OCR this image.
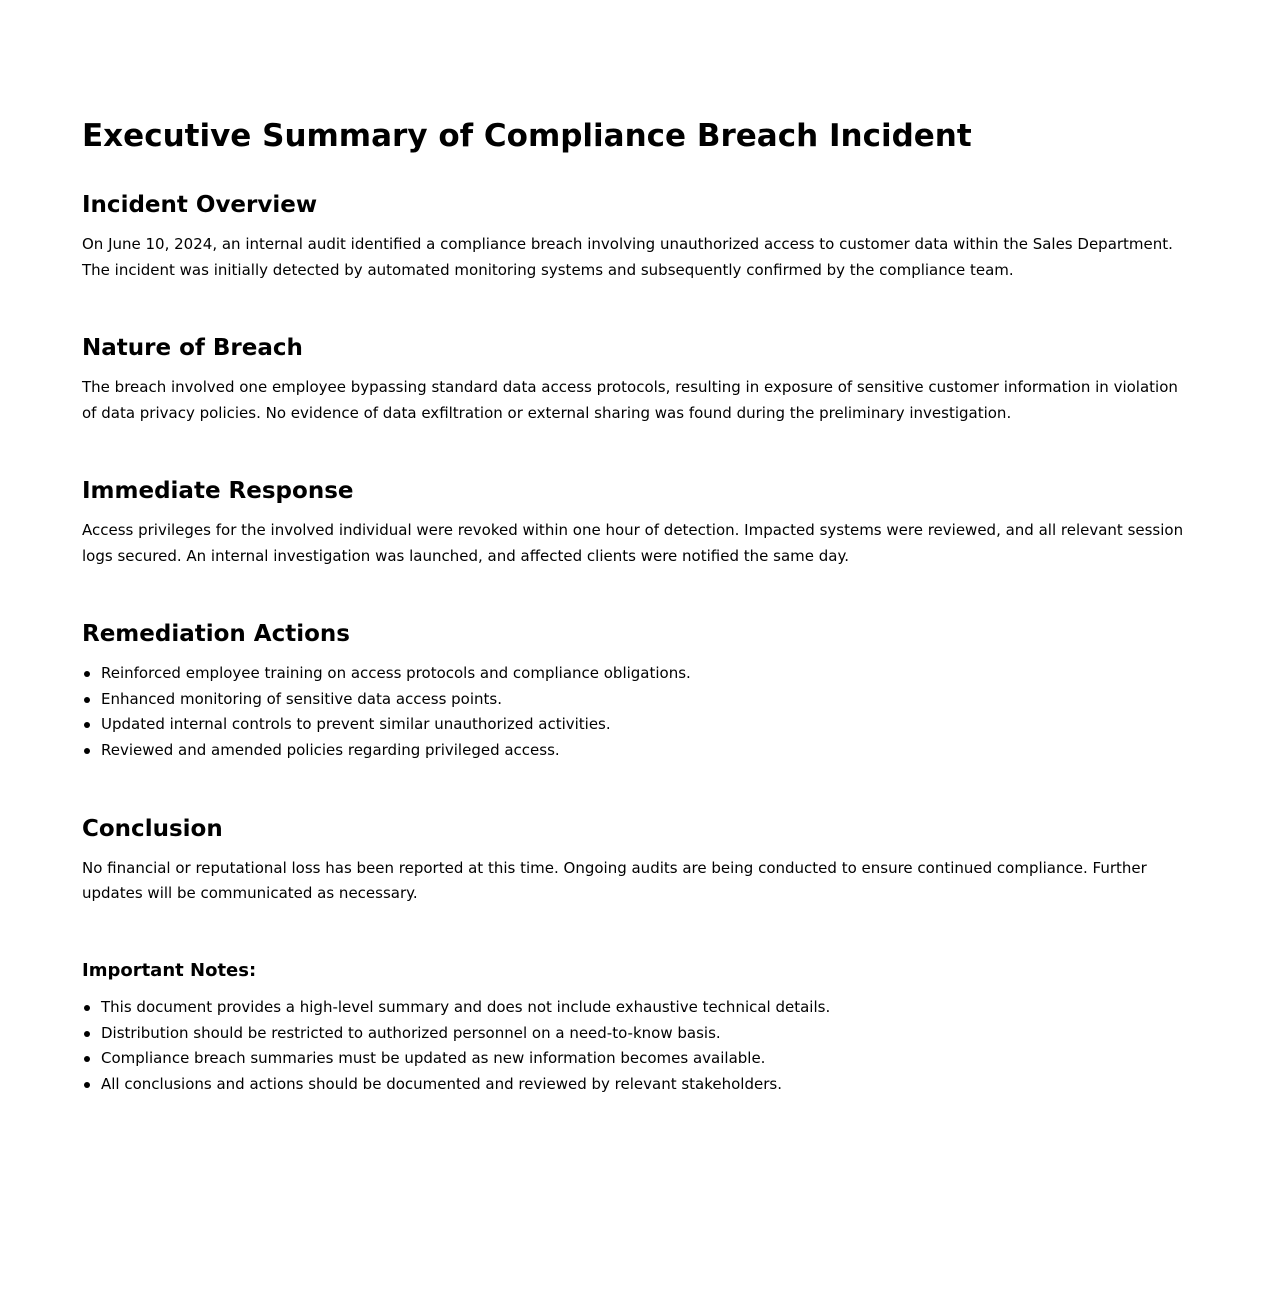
Executive Summary of Compliance Breach Incident
Incident Overview

On June 10, 2024, an internal audit identified a compliance breach involving unauthorized access to customer data within the Sales Department. The incident was initially detected by automated monitoring systems and subsequently confirmed by the compliance team.

Nature of Breach

The breach involved one employee bypassing standard data access protocols, resulting in exposure of sensitive customer information in violation of data privacy policies. No evidence of data exfiltration or external sharing was found during the preliminary investigation.

Immediate Response

Access privileges for the involved individual were revoked within one hour of detection. Impacted systems were reviewed, and all relevant session logs secured. An internal investigation was launched, and affected clients were notified the same day.

Remediation Actions
Reinforced employee training on access protocols and compliance obligations.
Enhanced monitoring of sensitive data access points.
Updated internal controls to prevent similar unauthorized activities.
Reviewed and amended policies regarding privileged access.
Conclusion

No financial or reputational loss has been reported at this time. Ongoing audits are being conducted to ensure continued compliance. Further updates will be communicated as necessary.

Important Notes:
This document provides a high-level summary and does not include exhaustive technical details.
Distribution should be restricted to authorized personnel on a need-to-know basis.
Compliance breach summaries must be updated as new information becomes available.
All conclusions and actions should be documented and reviewed by relevant stakeholders.
